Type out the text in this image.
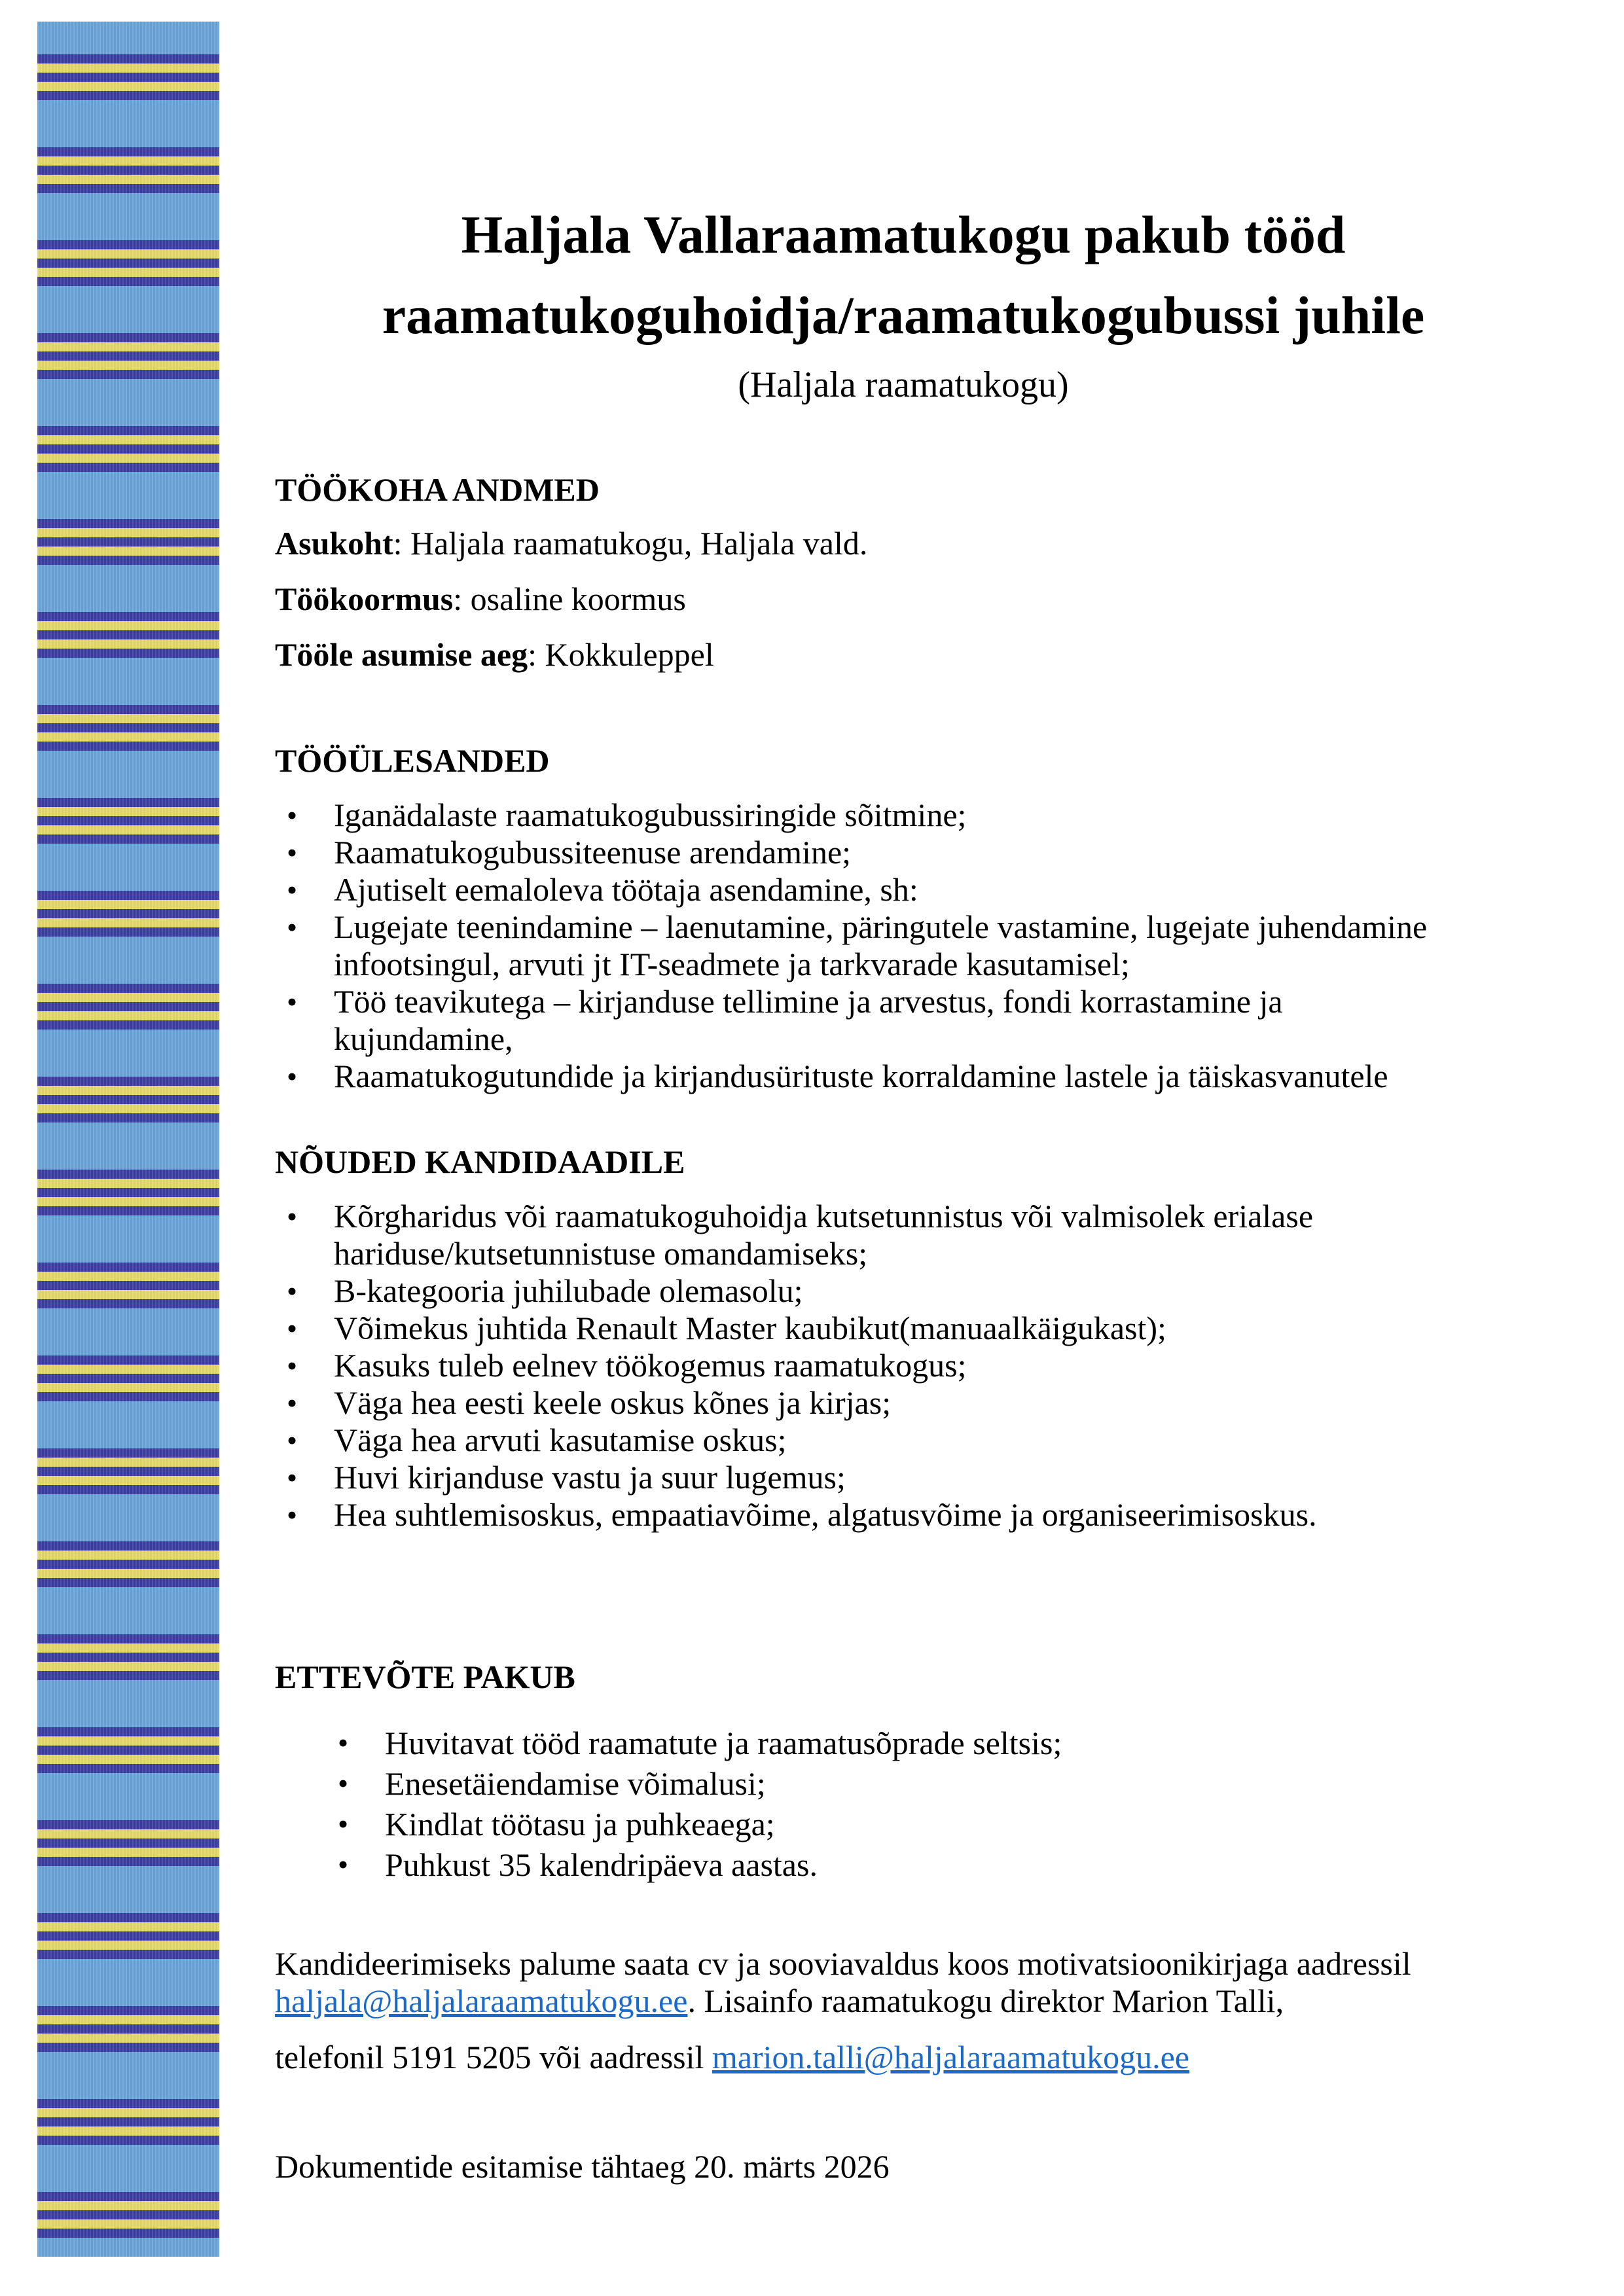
Haljala Vallaraamatukogu pakub tööd
raamatukoguhoidja/raamatukogubussi juhile
(Haljala raamatukogu)
TÖÖKOHA ANDMED
Asukoht: Haljala raamatukogu, Haljala vald.
Töökoormus: osaline koormus
Tööle asumise aeg: Kokkuleppel
TÖÖÜLESANDED
•	Iganädalaste raamatukogubussiringide sõitmine;
•	Raamatukogubussiteenuse arendamine;
•	Ajutiselt eemaloleva töötaja asendamine, sh:
•	Lugejate teenindamine – laenutamine, päringutele vastamine, lugejate juhendamine infootsingul, arvuti jt IT-seadmete ja tarkvarade kasutamisel;
•	Töö teavikutega – kirjanduse tellimine ja arvestus, fondi korrastamine ja kujundamine,
•	Raamatukogutundide ja kirjandusürituste korraldamine lastele ja täiskasvanutele
NÕUDED KANDIDAADILE
•	Kõrgharidus või raamatukoguhoidja kutsetunnistus või valmisolek erialase hariduse/kutsetunnistuse omandamiseks;
•	B-kategooria juhilubade olemasolu;
•	Võimekus juhtida Renault Master kaubikut(manuaalkäigukast);
•	Kasuks tuleb eelnev töökogemus raamatukogus;
•	Väga hea eesti keele oskus kõnes ja kirjas;
•	Väga hea arvuti kasutamise oskus;
•	Huvi kirjanduse vastu ja suur lugemus;
•	Hea suhtlemisoskus, empaatiavõime, algatusvõime ja organiseerimisoskus.
ETTEVÕTE PAKUB
•	Huvitavat tööd raamatute ja raamatusõprade seltsis;
•	Enesetäiendamise võimalusi;
•	Kindlat töötasu ja puhkeaega;
•	Puhkust 35 kalendripäeva aastas.
Kandideerimiseks palume saata cv ja sooviavaldus koos motivatsioonikirjaga aadressil haljala@haljalaraamatukogu.ee. Lisainfo raamatukogu direktor Marion Talli,
telefonil 5191 5205 või aadressil marion.talli@haljalaraamatukogu.ee
Dokumentide esitamise tähtaeg 20. märts 2026
